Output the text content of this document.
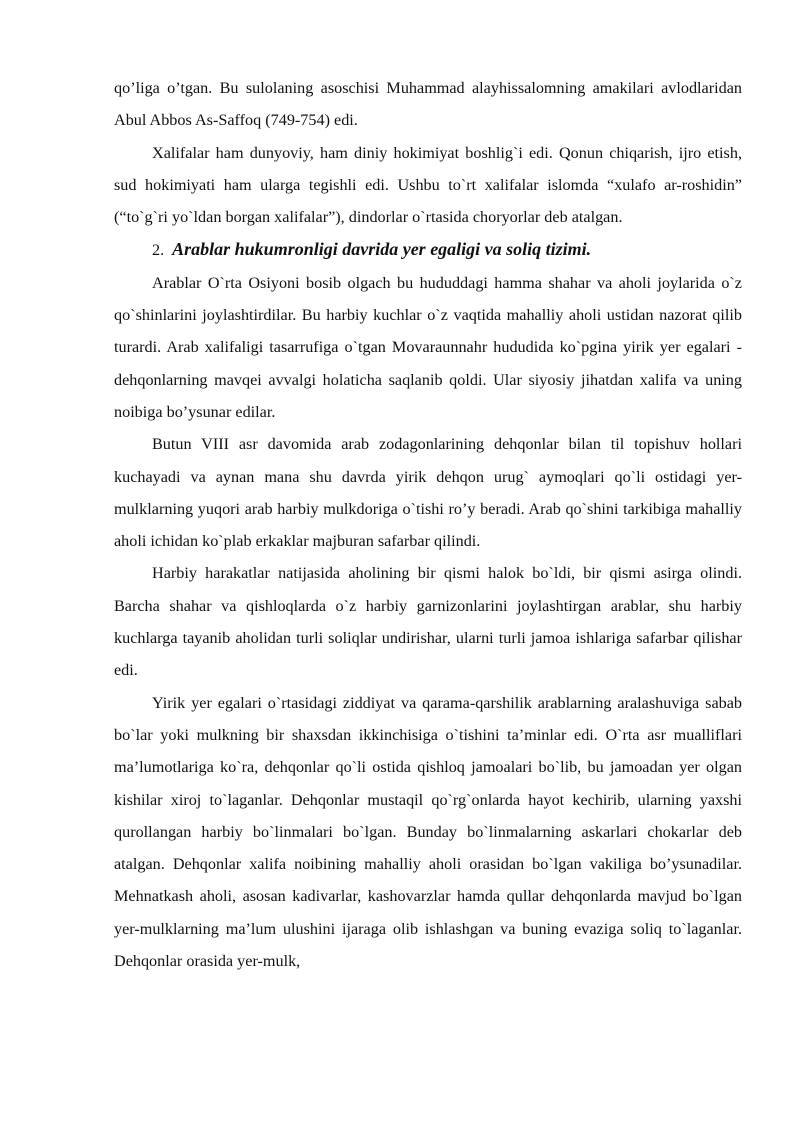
qo’liga o’tgan. Bu sulolaning asoschisi Muhammad alayhissalomning amakilari avlodlaridan Abul Abbos As-Saffoq (749-754) edi.

Xalifalar ham dunyoviy, ham diniy hokimiyat boshlig`i edi. Qonun chiqarish, ijro etish, sud hokimiyati ham ularga tegishli edi. Ushbu to`rt xalifalar islomda “xulafo ar-roshidin” (“to`g`ri yo`ldan borgan xalifalar”), dindorlar o`rtasida choryorlar deb atalgan.

2. Arablar hukumronligi davrida yer egaligi va soliq tizimi.

Arablar O`rta Osiyoni bosib olgach bu hududdagi hamma shahar va aholi joylarida o`z qo`shinlarini joylashtirdilar. Bu harbiy kuchlar o`z vaqtida mahalliy aholi ustidan nazorat qilib turardi. Arab xalifaligi tasarrufiga o`tgan Movaraunnahr hududida ko`pgina yirik yer egalari - dehqonlarning mavqei avvalgi holaticha saqlanib qoldi. Ular siyosiy jihatdan xalifa va uning noibiga bo’ysunar edilar.

Butun VIII asr davomida arab zodagonlarining dehqonlar bilan til topishuv hollari kuchayadi va aynan mana shu davrda yirik dehqon urug` aymoqlari qo`li ostidagi yer-mulklarning yuqori arab harbiy mulkdoriga o`tishi ro’y beradi. Arab qo`shini tarkibiga mahalliy aholi ichidan ko`plab erkaklar majburan safarbar qilindi.

Harbiy harakatlar natijasida aholining bir qismi halok bo`ldi, bir qismi asirga olindi. Barcha shahar va qishloqlarda o`z harbiy garnizonlarini joylashtirgan arablar, shu harbiy kuchlarga tayanib aholidan turli soliqlar undirishar, ularni turli jamoa ishlariga safarbar qilishar edi.

Yirik yer egalari o`rtasidagi ziddiyat va qarama-qarshilik arablarning aralashuviga sabab bo`lar yoki mulkning bir shaxsdan ikkinchisiga o`tishini ta’minlar edi. O`rta asr mualliflari ma’lumotlariga ko`ra, dehqonlar qo`li ostida qishloq jamoalari bo`lib, bu jamoadan yer olgan kishilar xiroj to`laganlar. Dehqonlar mustaqil qo`rg`onlarda hayot kechirib, ularning yaxshi qurollangan harbiy bo`linmalari bo`lgan. Bunday bo`linmalarning askarlari chokarlar deb atalgan. Dehqonlar xalifa noibining mahalliy aholi orasidan bo`lgan vakiliga bo’ysunadilar. Mehnatkash aholi, asosan kadivarlar, kashovarzlar hamda qullar dehqonlarda mavjud bo`lgan yer-mulklarning ma’lum ulushini ijaraga olib ishlashgan va buning evaziga soliq to`laganlar. Dehqonlar orasida yer-mulk,
